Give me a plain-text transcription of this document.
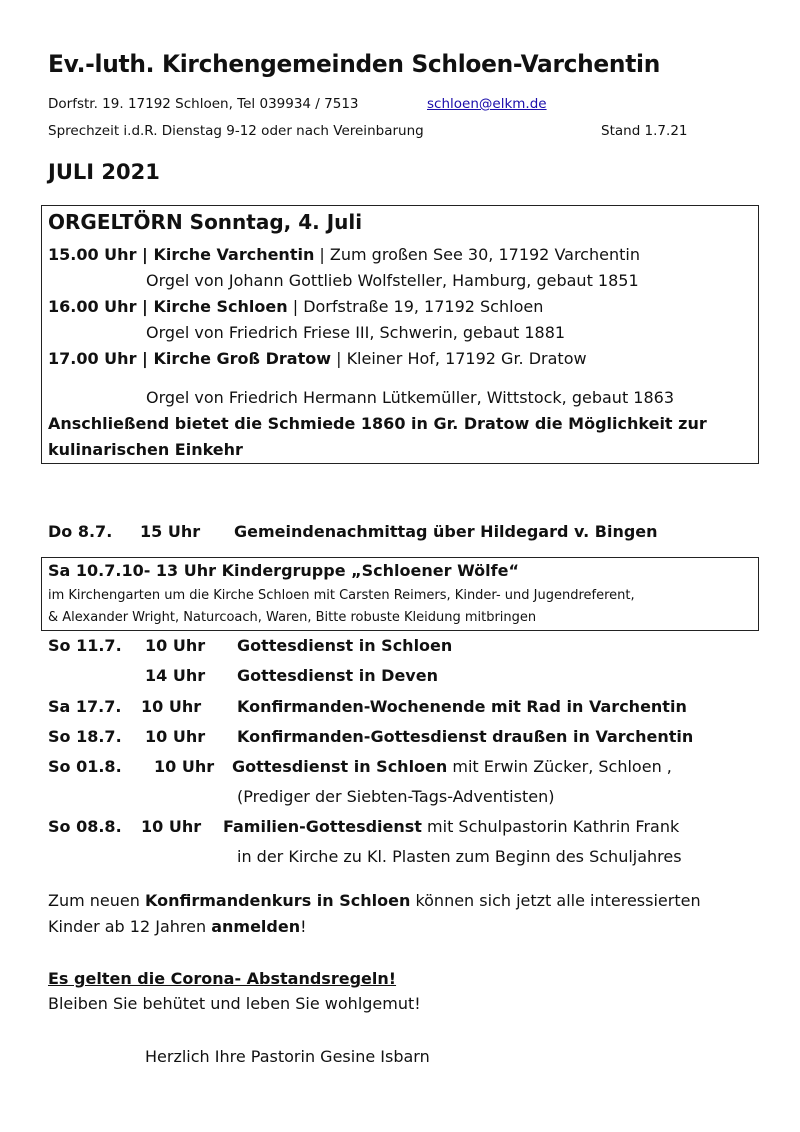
Ev.-luth. Kirchengemeinden Schloen-Varchentin
Dorfstr. 19. 17192 Schloen, Tel 039934 / 7513	schloen@elkm.de
Sprechzeit i.d.R. Dienstag 9-12 oder nach Vereinbarung	Stand 1.7.21
JULI 2021
ORGELTÖRN Sonntag, 4. Juli
15.00 Uhr | Kirche Varchentin | Zum großen See 30, 17192 Varchentin
Orgel von Johann Gottlieb Wolfsteller, Hamburg, gebaut 1851
16.00 Uhr | Kirche Schloen | Dorfstraße 19, 17192 Schloen
Orgel von Friedrich Friese III, Schwerin, gebaut 1881
17.00 Uhr | Kirche Groß Dratow | Kleiner Hof, 17192 Gr. Dratow
Orgel von Friedrich Hermann Lütkemüller, Wittstock, gebaut 1863
Anschließend bietet die Schmiede 1860 in Gr. Dratow die Möglichkeit zur
kulinarischen Einkehr
Do 8.7. 15 Uhr Gemeindenachmittag über Hildegard v. Bingen
Sa 10.7.10- 13 Uhr Kindergruppe „Schloener Wölfe“
im Kirchengarten um die Kirche Schloen mit Carsten Reimers, Kinder- und Jugendreferent,
& Alexander Wright, Naturcoach, Waren, Bitte robuste Kleidung mitbringen
So 11.7. 10 Uhr Gottesdienst in Schloen
14 Uhr Gottesdienst in Deven
Sa 17.7. 10 Uhr Konfirmanden-Wochenende mit Rad in Varchentin
So 18.7. 10 Uhr Konfirmanden-Gottesdienst draußen in Varchentin
So 01.8. 10 Uhr Gottesdienst in Schloen mit Erwin Zücker, Schloen ,
(Prediger der Siebten-Tags-Adventisten)
So 08.8. 10 Uhr Familien-Gottesdienst mit Schulpastorin Kathrin Frank
in der Kirche zu Kl. Plasten zum Beginn des Schuljahres
Zum neuen Konfirmandenkurs in Schloen können sich jetzt alle interessierten
Kinder ab 12 Jahren anmelden!
Es gelten die Corona- Abstandsregeln!
Bleiben Sie behütet und leben Sie wohlgemut!
Herzlich Ihre Pastorin Gesine Isbarn
